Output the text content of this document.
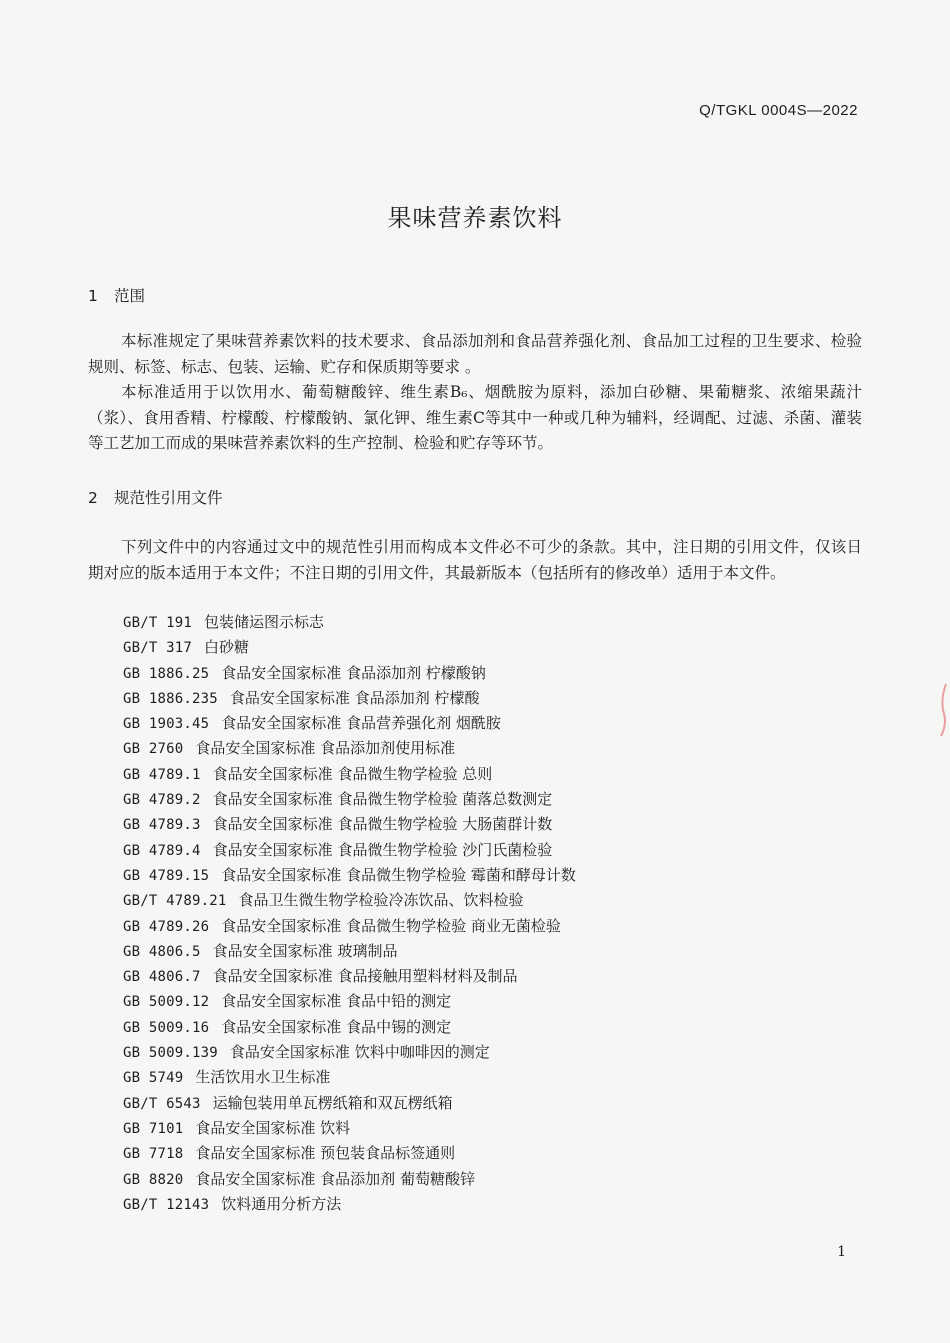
Q/TGKL 0004S—2022
果味营养素饮料
1 范围

本标准规定了果味营养素饮料的技术要求、食品添加剂和食品营养强化剂、食品加工过程的卫生要求、检验规则、标签、标志、包装、运输、贮存和保质期等要求 。

本标准适用于以饮用水、葡萄糖酸锌、维生素B₆、烟酰胺为原料，添加白砂糖、果葡糖浆、浓缩果蔬汁（浆）、食用香精、柠檬酸、柠檬酸钠、氯化钾、维生素C等其中一种或几种为辅料，经调配、过滤、杀菌、灌装等工艺加工而成的果味营养素饮料的生产控制、检验和贮存等环节。

2 规范性引用文件

下列文件中的内容通过文中的规范性引用而构成本文件必不可少的条款。其中，注日期的引用文件，仅该日期对应的版本适用于本文件；不注日期的引用文件，其最新版本（包括所有的修改单）适用于本文件。

GB/T 191 包装储运图示标志
GB/T 317 白砂糖
GB 1886.25 食品安全国家标准 食品添加剂 柠檬酸钠
GB 1886.235 食品安全国家标准 食品添加剂 柠檬酸
GB 1903.45 食品安全国家标准 食品营养强化剂 烟酰胺
GB 2760 食品安全国家标准 食品添加剂使用标准
GB 4789.1 食品安全国家标准 食品微生物学检验 总则
GB 4789.2 食品安全国家标准 食品微生物学检验 菌落总数测定
GB 4789.3 食品安全国家标准 食品微生物学检验 大肠菌群计数
GB 4789.4 食品安全国家标准 食品微生物学检验 沙门氏菌检验
GB 4789.15 食品安全国家标准 食品微生物学检验 霉菌和酵母计数
GB/T 4789.21 食品卫生微生物学检验冷冻饮品、饮料检验
GB 4789.26 食品安全国家标准 食品微生物学检验 商业无菌检验
GB 4806.5 食品安全国家标准 玻璃制品
GB 4806.7 食品安全国家标准 食品接触用塑料材料及制品
GB 5009.12 食品安全国家标准 食品中铅的测定
GB 5009.16 食品安全国家标准 食品中锡的测定
GB 5009.139 食品安全国家标准 饮料中咖啡因的测定
GB 5749 生活饮用水卫生标准
GB/T 6543 运输包装用单瓦楞纸箱和双瓦楞纸箱
GB 7101 食品安全国家标准 饮料
GB 7718 食品安全国家标准 预包装食品标签通则
GB 8820 食品安全国家标准 食品添加剂 葡萄糖酸锌
GB/T 12143 饮料通用分析方法
1
